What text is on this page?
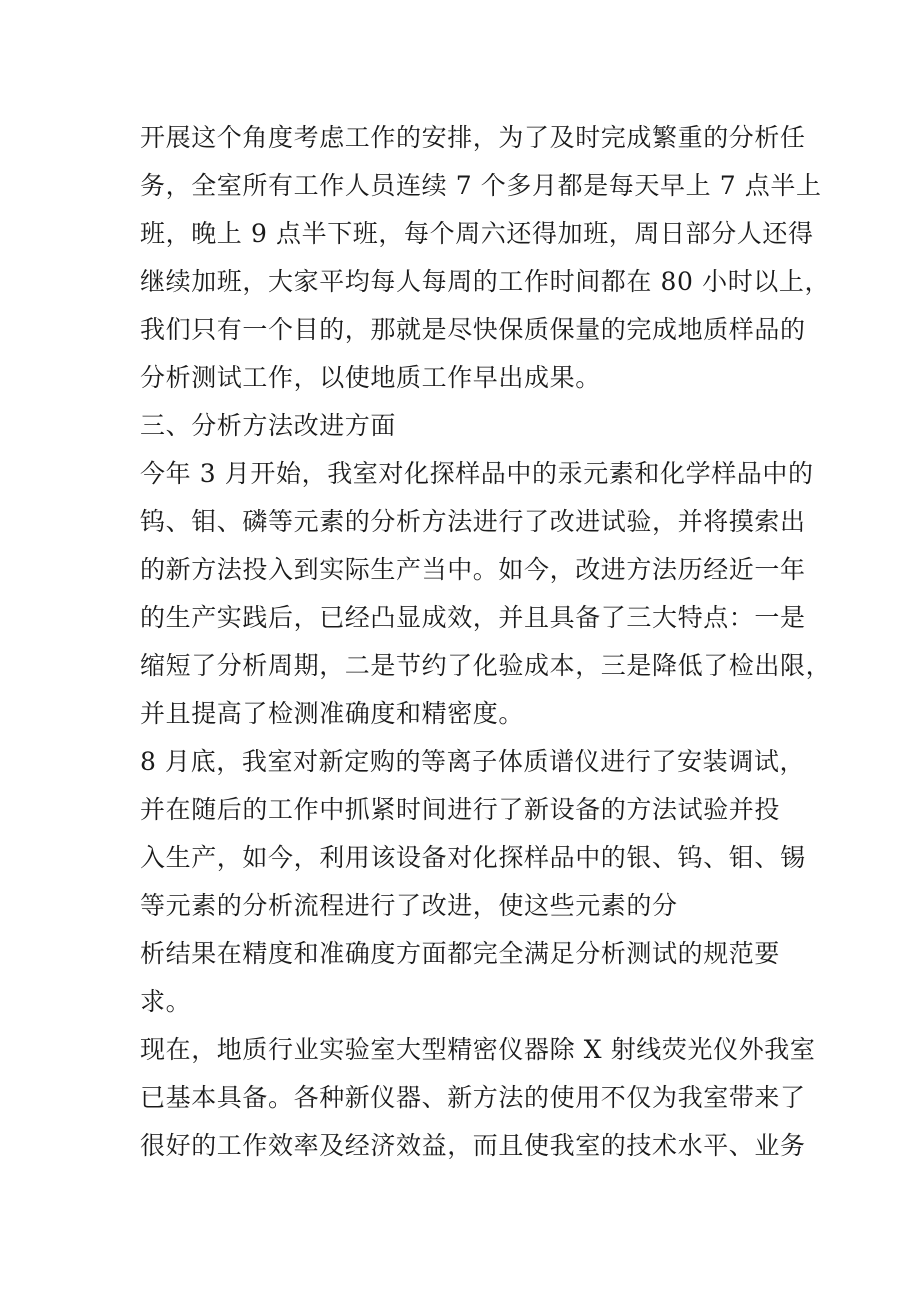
开展这个角度考虑工作的安排，为了及时完成繁重的分析任
务，全室所有工作人员连续 7 个多月都是每天早上 7 点半上
班，晚上 9 点半下班，每个周六还得加班，周日部分人还得
继续加班，大家平均每人每周的工作时间都在 80 小时以上，
我们只有一个目的，那就是尽快保质保量的完成地质样品的
分析测试工作，以使地质工作早出成果。
三、分析方法改进方面
今年 3 月开始，我室对化探样品中的汞元素和化学样品中的
钨、钼、磷等元素的分析方法进行了改进试验，并将摸索出
的新方法投入到实际生产当中。如今，改进方法历经近一年
的生产实践后，已经凸显成效，并且具备了三大特点：一是
缩短了分析周期，二是节约了化验成本，三是降低了检出限，
并且提高了检测准确度和精密度。
8 月底，我室对新定购的等离子体质谱仪进行了安装调试，
并在随后的工作中抓紧时间进行了新设备的方法试验并投
入生产，如今，利用该设备对化探样品中的银、钨、钼、锡
等元素的分析流程进行了改进，使这些元素的分
析结果在精度和准确度方面都完全满足分析测试的规范要
求。
现在，地质行业实验室大型精密仪器除 X 射线荧光仪外我室
已基本具备。各种新仪器、新方法的使用不仅为我室带来了
很好的工作效率及经济效益，而且使我室的技术水平、业务
